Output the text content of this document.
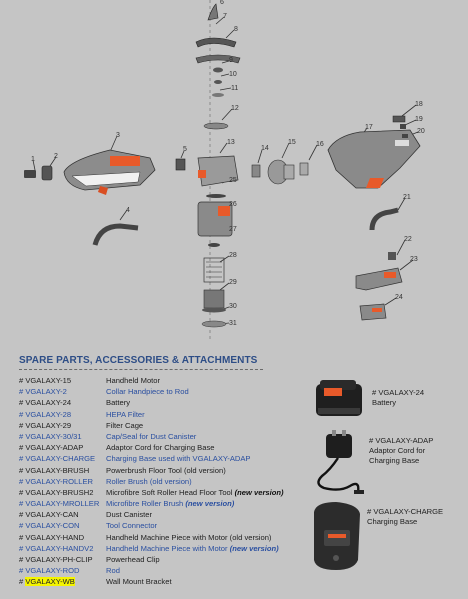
1	2
3
4
5
6
7
8
9
10
11
12
13
14
15	16
17
18
19
20
21
22
23
24
25
26
27
28
29
30
31
SPARE PARTS, ACCESSORIES & ATTACHMENTS
# VGALAXY-15	Handheld Motor
# VGALAXY-2	Collar Handpiece to Rod
# VGALAXY-24	Battery
# VGALAXY-28	HEPA Filter
# VGALAXY-29	Filter Cage
# VGALAXY-30/31	Cap/Seal for Dust Canister
# VGALAXY-ADAP	Adaptor Cord for Charging Base
# VGALAXY-CHARGE Charging Base used with VGALAXY-ADAP
# VGALAXY-BRUSH Powerbrush Floor Tool (old version)
# VGALAXY-ROLLER Roller Brush (old version)
# VGALAXY-BRUSH2 Microfibre Soft Roller Head Floor Tool (new version)
# VGALAXY-MROLLER Microfibre Roller Brush (new version)
# VGALAXY-CAN	Dust Canister
# VGALAXY-CON	Tool Connector
# VGALAXY-HAND	Handheld Machine Piece with Motor (old version)
# VGALAXY-HANDV2 Handheld Machine Piece with Motor (new version)
# VGALAXY-PH-CLIP Powerhead Clip
# VGALAXY-ROD	Rod
# VGALAXY-WB	Wall Mount Bracket
# VGALAXY-24
Battery
# VGALAXY-ADAP
Adaptor Cord for Charging Base
# VGALAXY-CHARGE
Charging Base
